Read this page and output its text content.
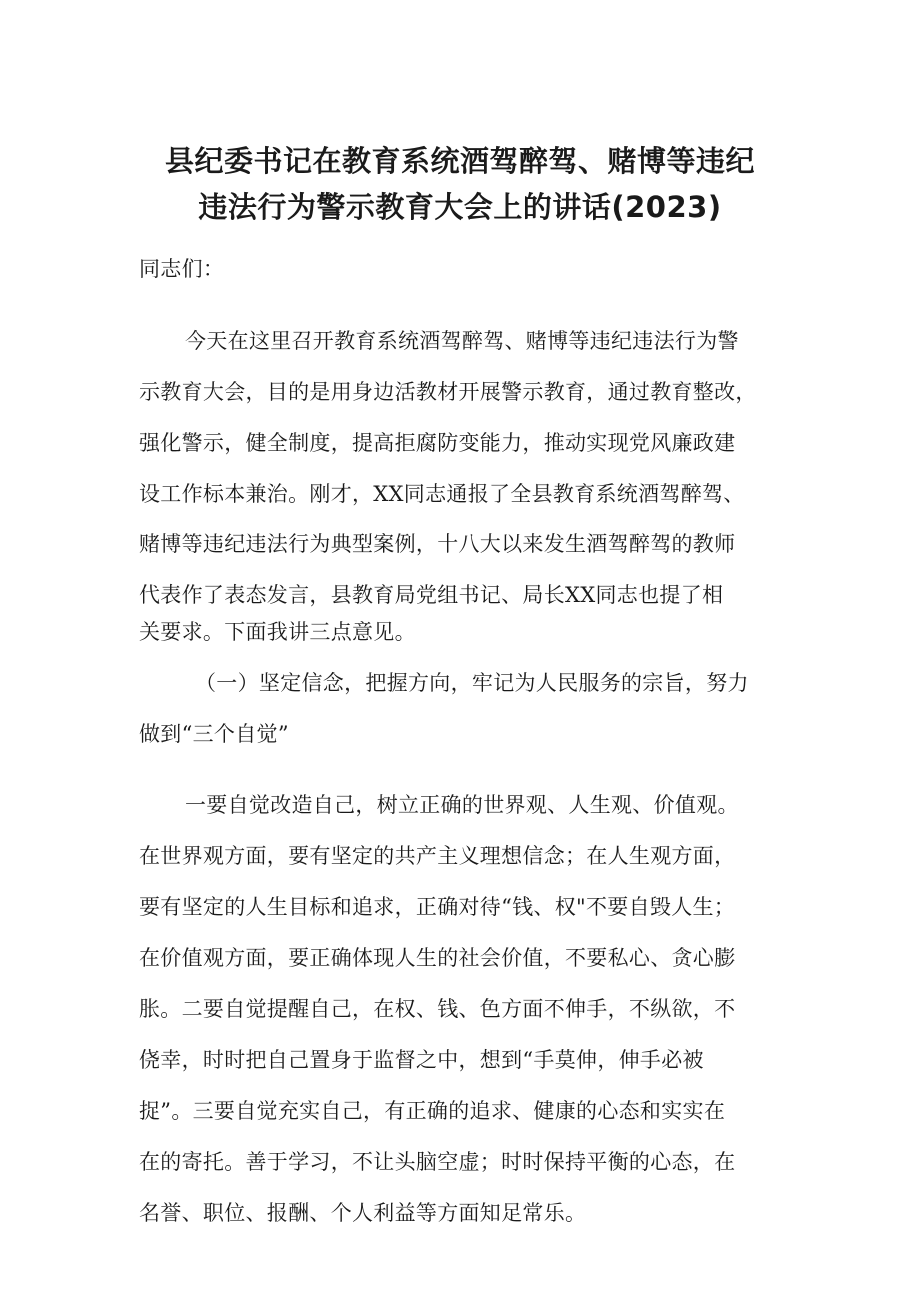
县纪委书记在教育系统酒驾醉驾、赌博等违纪
违法行为警示教育大会上的讲话(2023)
同志们：
今天在这里召开教育系统酒驾醉驾、赌博等违纪违法行为警
示教育大会，目的是用身边活教材开展警示教育，通过教育整改，
强化警示，健全制度，提高拒腐防变能力，推动实现党风廉政建
设工作标本兼治。刚才，XX同志通报了全县教育系统酒驾醉驾、
赌博等违纪违法行为典型案例，十八大以来发生酒驾醉驾的教师
代表作了表态发言，县教育局党组书记、局长XX同志也提了相
关要求。下面我讲三点意见。
（一）坚定信念，把握方向，牢记为人民服务的宗旨，努力
做到“三个自觉”
一要自觉改造自己，树立正确的世界观、人生观、价值观。
在世界观方面，要有坚定的共产主义理想信念；在人生观方面，
要有坚定的人生目标和追求，正确对待“钱、权"不要自毁人生；
在价值观方面，要正确体现人生的社会价值，不要私心、贪心膨
胀。二要自觉提醒自己，在权、钱、色方面不伸手，不纵欲，不
侥幸，时时把自己置身于监督之中，想到“手莫伸，伸手必被
捉”。三要自觉充实自己，有正确的追求、健康的心态和实实在
在的寄托。善于学习，不让头脑空虚；时时保持平衡的心态，在
名誉、职位、报酬、个人利益等方面知足常乐。
